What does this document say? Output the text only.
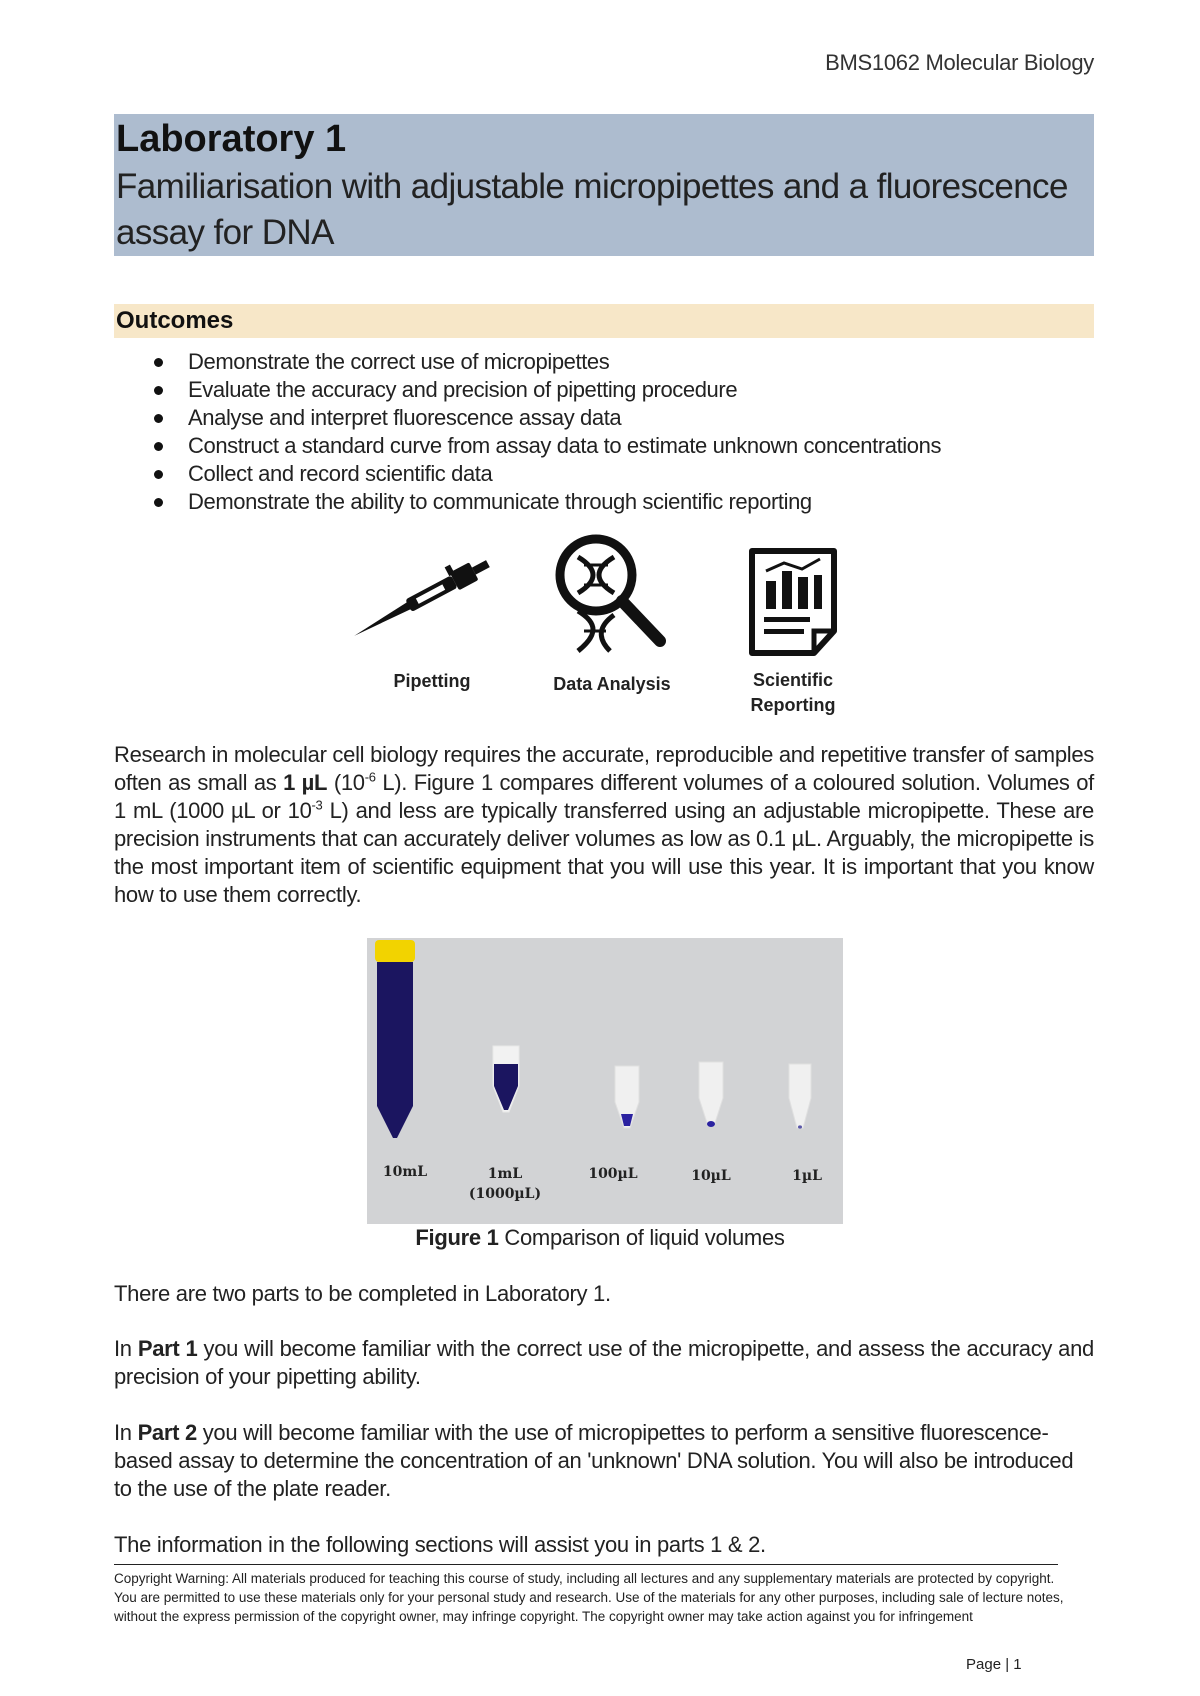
BMS1062 Molecular Biology
Laboratory 1
Familiarisation with adjustable micropipettes and a fluorescence assay for DNA
Outcomes
Demonstrate the correct use of micropipettes
Evaluate the accuracy and precision of pipetting procedure
Analyse and interpret fluorescence assay data
Construct a standard curve from assay data to estimate unknown concentrations
Collect and record scientific data
Demonstrate the ability to communicate through scientific reporting
Pipetting	Data Analysis	Scientific
Reporting

Research in molecular cell biology requires the accurate, reproducible and repetitive transfer of samples often as small as 1 µL ($10^{-6}$ L). Figure 1 compares different volumes of a coloured solution. Volumes of 1 mL (1000 µL or $10^{-3}$ L) and less are typically transferred using an adjustable micropipette. These are precision instruments that can accurately deliver volumes as low as 0.1 µL. Arguably, the micropipette is the most important item of scientific equipment that you will use this year. It is important that you know how to use them correctly.

10mL	1mL
(1000µL)
100µL	10µL	1µL
Figure 1 Comparison of liquid volumes

There are two parts to be completed in Laboratory 1.

In Part 1 you will become familiar with the correct use of the micropipette, and assess the accuracy and precision of your pipetting ability.

In Part 2 you will become familiar with the use of micropipettes to perform a sensitive fluorescence-based assay to determine the concentration of an 'unknown' DNA solution. You will also be introduced to the use of the plate reader.

The information in the following sections will assist you in parts 1 & 2.

Copyright Warning: All materials produced for teaching this course of study, including all lectures and any supplementary materials are protected by copyright. You are permitted to use these materials only for your personal study and research. Use of the materials for any other purposes, including sale of lecture notes, without the express permission of the copyright owner, may infringe copyright. The copyright owner may take action against you for infringement
Page | 1
